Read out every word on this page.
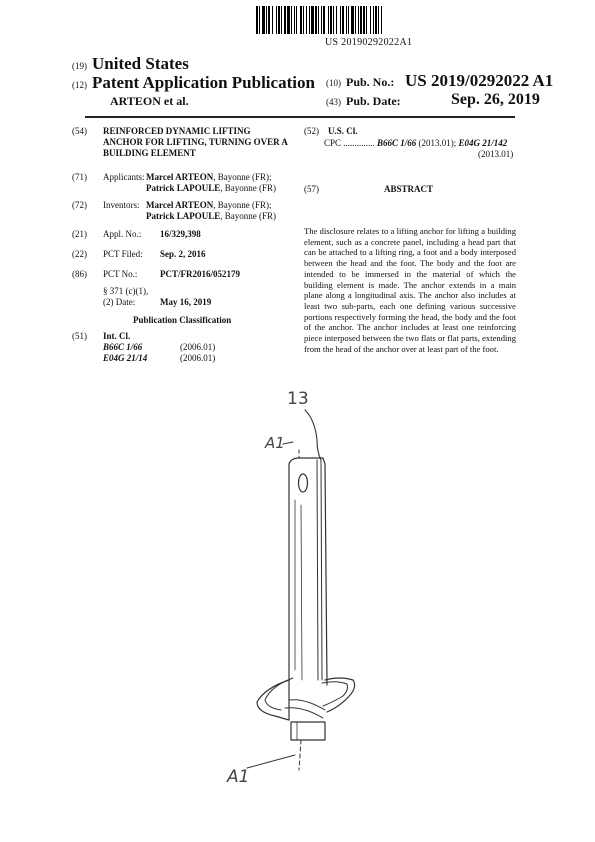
US 20190292022A1
(19) United States
(12) Patent Application Publication
ARTEON et al.
(10) Pub. No.: US 2019/0292022 A1
(43) Pub. Date:	Sep. 26, 2019
(54) REINFORCED DYNAMIC LIFTING ANCHOR FOR LIFTING, TURNING OVER A BUILDING ELEMENT
(71) Applicants: Marcel ARTEON, Bayonne (FR);
Patrick LAPOULE, Bayonne (FR)
(72) Inventors: Marcel ARTEON, Bayonne (FR);
Patrick LAPOULE, Bayonne (FR)
(21) Appl. No.: 16/329,398
(22) PCT Filed: Sep. 2, 2016
(86) PCT No.:	PCT/FR2016/052179
§ 371 (c)(1),
(2) Date:	May 16, 2019
Publication Classification
(51) Int. Cl.
B66C 1/66	(2006.01)
E04G 21/14	(2006.01)
(52) U.S. Cl.
CPC .............. B66C 1/66 (2013.01); E04G 21/142
(2013.01)
(57)	ABSTRACT
The disclosure relates to a lifting anchor for lifting a building element, such as a concrete panel, including a head part that can be attached to a lifting ring, a foot and a body interposed between the head and the foot. The body and the foot are intended to be immersed in the material of which the building element is made. The anchor extends in a main plane along a longitudinal axis. The anchor also includes at least two sub-parts, each one defining various successive portions respectively forming the head, the body and the foot of the anchor. The anchor includes at least one reinforcing piece interposed between the two flats or flat parts, extending from the head of the anchor over at least part of the foot.
13
A1
A1
